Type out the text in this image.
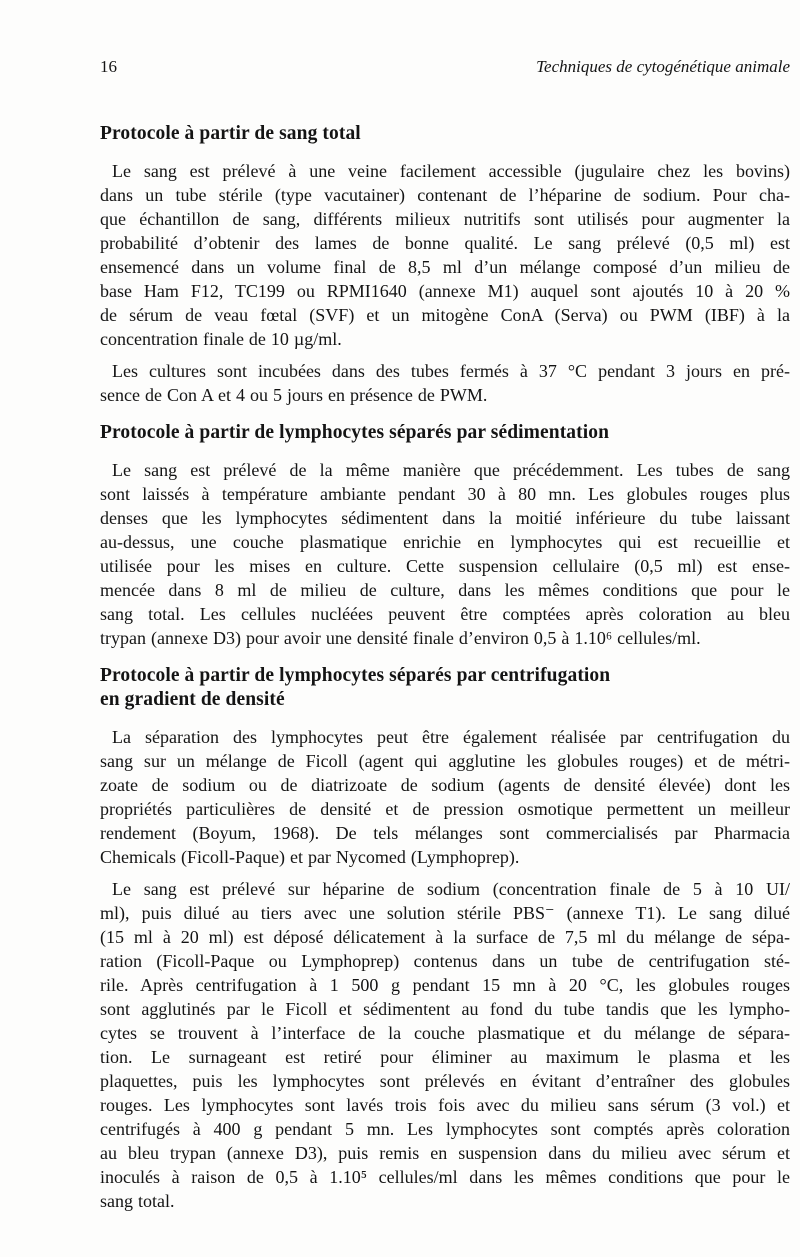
16	Techniques de cytogénétique animale
Protocole à partir de sang total
Le sang est prélevé à une veine facilement accessible (jugulaire chez les bovins)
dans un tube stérile (type vacutainer) contenant de l’héparine de sodium. Pour cha-
que échantillon de sang, différents milieux nutritifs sont utilisés pour augmenter la
probabilité d’obtenir des lames de bonne qualité. Le sang prélevé (0,5 ml) est
ensemencé dans un volume final de 8,5 ml d’un mélange composé d’un milieu de
base Ham F12, TC199 ou RPMI1640 (annexe M1) auquel sont ajoutés 10 à 20 %
de sérum de veau fœtal (SVF) et un mitogène ConA (Serva) ou PWM (IBF) à la
concentration finale de 10 µg/ml.
Les cultures sont incubées dans des tubes fermés à 37 °C pendant 3 jours en pré-
sence de Con A et 4 ou 5 jours en présence de PWM.
Protocole à partir de lymphocytes séparés par sédimentation
Le sang est prélevé de la même manière que précédemment. Les tubes de sang
sont laissés à température ambiante pendant 30 à 80 mn. Les globules rouges plus
denses que les lymphocytes sédimentent dans la moitié inférieure du tube laissant
au-dessus, une couche plasmatique enrichie en lymphocytes qui est recueillie et
utilisée pour les mises en culture. Cette suspension cellulaire (0,5 ml) est ense-
mencée dans 8 ml de milieu de culture, dans les mêmes conditions que pour le
sang total. Les cellules nucléées peuvent être comptées après coloration au bleu
trypan (annexe D3) pour avoir une densité finale d’environ 0,5 à 1.10⁶ cellules/ml.
Protocole à partir de lymphocytes séparés par centrifugation
en gradient de densité
La séparation des lymphocytes peut être également réalisée par centrifugation du
sang sur un mélange de Ficoll (agent qui agglutine les globules rouges) et de métri-
zoate de sodium ou de diatrizoate de sodium (agents de densité élevée) dont les
propriétés particulières de densité et de pression osmotique permettent un meilleur
rendement (Boyum, 1968). De tels mélanges sont commercialisés par Pharmacia
Chemicals (Ficoll-Paque) et par Nycomed (Lymphoprep).
Le sang est prélevé sur héparine de sodium (concentration finale de 5 à 10 UI/
ml), puis dilué au tiers avec une solution stérile PBS⁻ (annexe T1). Le sang dilué
(15 ml à 20 ml) est déposé délicatement à la surface de 7,5 ml du mélange de sépa-
ration (Ficoll-Paque ou Lymphoprep) contenus dans un tube de centrifugation sté-
rile. Après centrifugation à 1 500 g pendant 15 mn à 20 °C, les globules rouges
sont agglutinés par le Ficoll et sédimentent au fond du tube tandis que les lympho-
cytes se trouvent à l’interface de la couche plasmatique et du mélange de sépara-
tion. Le surnageant est retiré pour éliminer au maximum le plasma et les
plaquettes, puis les lymphocytes sont prélevés en évitant d’entraîner des globules
rouges. Les lymphocytes sont lavés trois fois avec du milieu sans sérum (3 vol.) et
centrifugés à 400 g pendant 5 mn. Les lymphocytes sont comptés après coloration
au bleu trypan (annexe D3), puis remis en suspension dans du milieu avec sérum et
inoculés à raison de 0,5 à 1.10⁵ cellules/ml dans les mêmes conditions que pour le
sang total.
